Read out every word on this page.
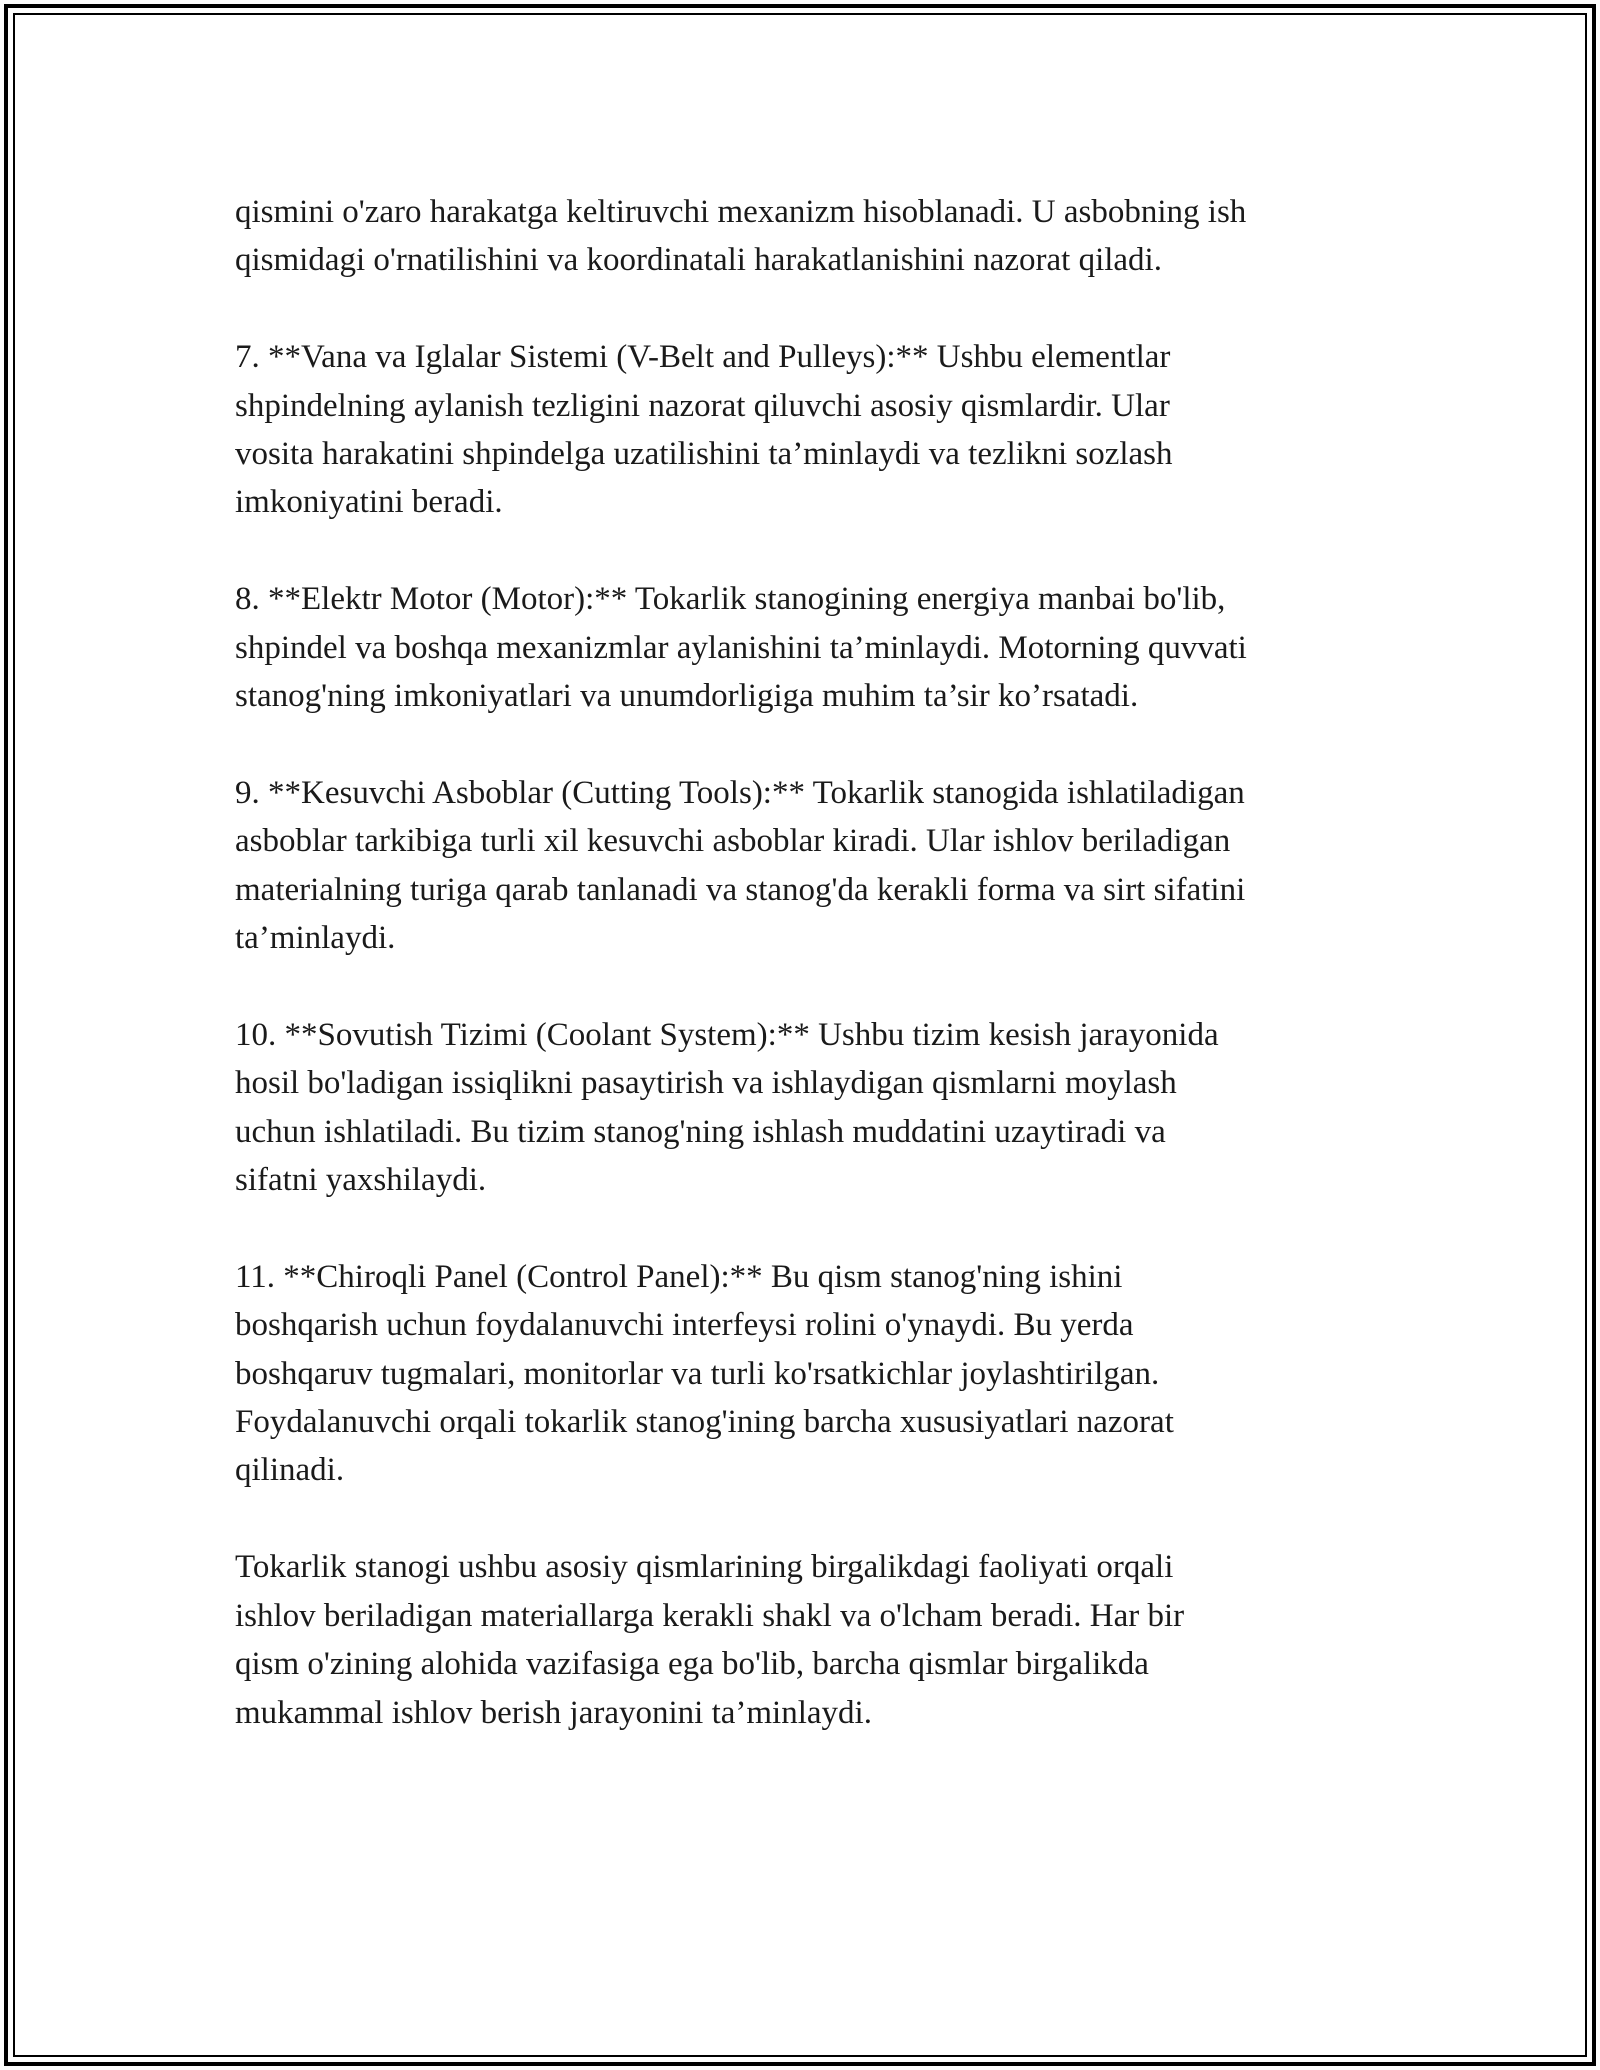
qismini o'zaro harakatga keltiruvchi mexanizm hisoblanadi. U asbobning ish
qismidagi o'rnatilishini va koordinatali harakatlanishini nazorat qiladi.

7. **Vana va Iglalar Sistemi (V-Belt and Pulleys):** Ushbu elementlar
shpindelning aylanish tezligini nazorat qiluvchi asosiy qismlardir. Ular
vosita harakatini shpindelga uzatilishini ta’minlaydi va tezlikni sozlash
imkoniyatini beradi.

8. **Elektr Motor (Motor):** Tokarlik stanogining energiya manbai bo'lib,
shpindel va boshqa mexanizmlar aylanishini ta’minlaydi. Motorning quvvati
stanog'ning imkoniyatlari va unumdorligiga muhim ta’sir ko’rsatadi.

9. **Kesuvchi Asboblar (Cutting Tools):** Tokarlik stanogida ishlatiladigan
asboblar tarkibiga turli xil kesuvchi asboblar kiradi. Ular ishlov beriladigan
materialning turiga qarab tanlanadi va stanog'da kerakli forma va sirt sifatini
ta’minlaydi.

10. **Sovutish Tizimi (Coolant System):** Ushbu tizim kesish jarayonida
hosil bo'ladigan issiqlikni pasaytirish va ishlaydigan qismlarni moylash
uchun ishlatiladi. Bu tizim stanog'ning ishlash muddatini uzaytiradi va
sifatni yaxshilaydi.

11. **Chiroqli Panel (Control Panel):** Bu qism stanog'ning ishini
boshqarish uchun foydalanuvchi interfeysi rolini o'ynaydi. Bu yerda
boshqaruv tugmalari, monitorlar va turli ko'rsatkichlar joylashtirilgan.
Foydalanuvchi orqali tokarlik stanog'ining barcha xususiyatlari nazorat
qilinadi.

Tokarlik stanogi ushbu asosiy qismlarining birgalikdagi faoliyati orqali
ishlov beriladigan materiallarga kerakli shakl va o'lcham beradi. Har bir
qism o'zining alohida vazifasiga ega bo'lib, barcha qismlar birgalikda
mukammal ishlov berish jarayonini ta’minlaydi.
